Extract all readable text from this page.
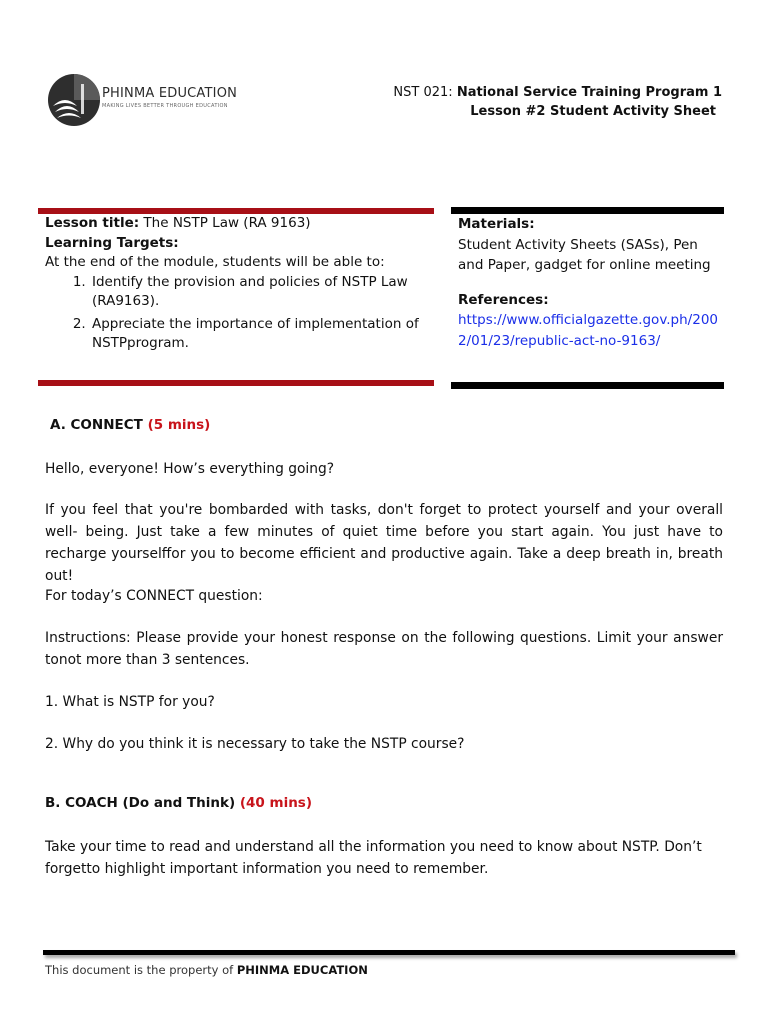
PHINMA EDUCATION
MAKING LIVES BETTER THROUGH EDUCATION
NST 021: National Service Training Program 1
Lesson #2 Student Activity Sheet
Lesson title: The NSTP Law (RA 9163)
Learning Targets:
At the end of the module, students will be able to:
1. Identify the provision and policies of NSTP Law (RA9163).
2. Appreciate the importance of implementation of NSTPprogram.
Materials:
Student Activity Sheets (SASs), Pen and Paper, gadget for online meeting
References:
https://www.officialgazette.gov.ph/2002/01/23/republic-act-no-9163/
A. CONNECT (5 mins)
Hello, everyone! How’s everything going?
If you feel that you're bombarded with tasks, don't forget to protect yourself and your overall well- being. Just take a few minutes of quiet time before you start again. You just have to recharge yourselffor you to become efficient and productive again. Take a deep breath in, breath out!
For today’s CONNECT question:
Instructions: Please provide your honest response on the following questions. Limit your answer tonot more than 3 sentences.
1. What is NSTP for you?
2. Why do you think it is necessary to take the NSTP course?
B. COACH (Do and Think) (40 mins)
Take your time to read and understand all the information you need to know about NSTP. Don’t forgetto highlight important information you need to remember.
This document is the property of PHINMA EDUCATION
